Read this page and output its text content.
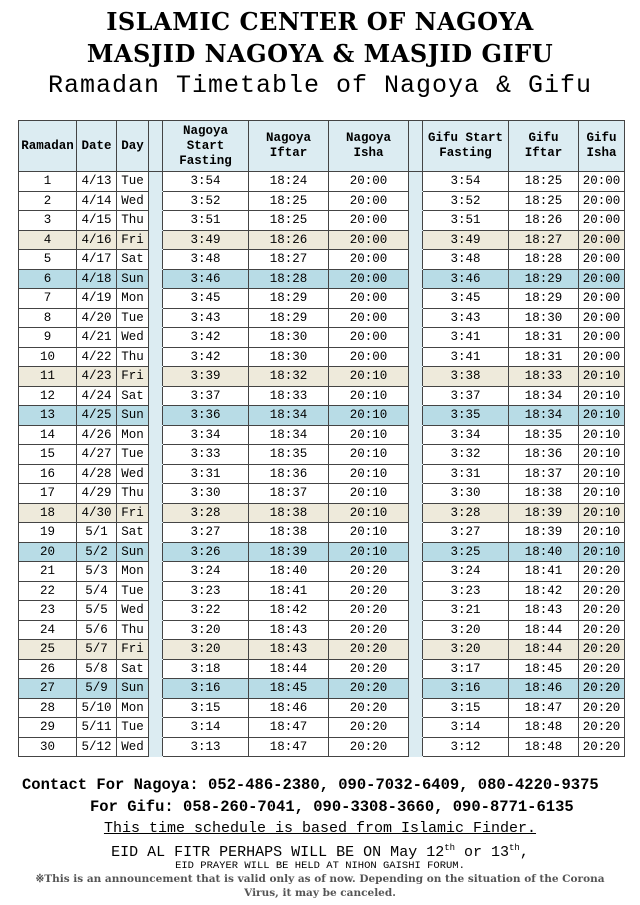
ISLAMIC CENTER OF NAGOYA
MASJID NAGOYA & MASJID GIFU
Ramadan Timetable of Nagoya & Gifu
Ramadan	Date	Day		Nagoya Start Fasting	Nagoya Iftar	Nagoya Isha		Gifu Start Fasting	Gifu Iftar	Gifu Isha
1	4/13	Tue		3:54	18:24	20:00		3:54	18:25	20:00
2	4/14	Wed		3:52	18:25	20:00		3:52	18:25	20:00
3	4/15	Thu		3:51	18:25	20:00		3:51	18:26	20:00
4	4/16	Fri		3:49	18:26	20:00		3:49	18:27	20:00
5	4/17	Sat		3:48	18:27	20:00		3:48	18:28	20:00
6	4/18	Sun		3:46	18:28	20:00		3:46	18:29	20:00
7	4/19	Mon		3:45	18:29	20:00		3:45	18:29	20:00
8	4/20	Tue		3:43	18:29	20:00		3:43	18:30	20:00
9	4/21	Wed		3:42	18:30	20:00		3:41	18:31	20:00
10	4/22	Thu		3:42	18:30	20:00		3:41	18:31	20:00
11	4/23	Fri		3:39	18:32	20:10		3:38	18:33	20:10
12	4/24	Sat		3:37	18:33	20:10		3:37	18:34	20:10
13	4/25	Sun		3:36	18:34	20:10		3:35	18:34	20:10
14	4/26	Mon		3:34	18:34	20:10		3:34	18:35	20:10
15	4/27	Tue		3:33	18:35	20:10		3:32	18:36	20:10
16	4/28	Wed		3:31	18:36	20:10		3:31	18:37	20:10
17	4/29	Thu		3:30	18:37	20:10		3:30	18:38	20:10
18	4/30	Fri		3:28	18:38	20:10		3:28	18:39	20:10
19	5/1	Sat		3:27	18:38	20:10		3:27	18:39	20:10
20	5/2	Sun		3:26	18:39	20:10		3:25	18:40	20:10
21	5/3	Mon		3:24	18:40	20:20		3:24	18:41	20:20
22	5/4	Tue		3:23	18:41	20:20		3:23	18:42	20:20
23	5/5	Wed		3:22	18:42	20:20		3:21	18:43	20:20
24	5/6	Thu		3:20	18:43	20:20		3:20	18:44	20:20
25	5/7	Fri		3:20	18:43	20:20		3:20	18:44	20:20
26	5/8	Sat		3:18	18:44	20:20		3:17	18:45	20:20
27	5/9	Sun		3:16	18:45	20:20		3:16	18:46	20:20
28	5/10	Mon		3:15	18:46	20:20		3:15	18:47	20:20
29	5/11	Tue		3:14	18:47	20:20		3:14	18:48	20:20
30	5/12	Wed		3:13	18:47	20:20		3:12	18:48	20:20
Contact For Nagoya: 052-486-2380, 090-7032-6409, 080-4220-9375
For Gifu: 058-260-7041, 090-3308-3660, 090-8771-6135
This time schedule is based from Islamic Finder.
EID AL FITR PERHAPS WILL BE ON May 12th or 13th,
EID PRAYER WILL BE HELD AT NIHON GAISHI FORUM.
※This is an announcement that is valid only as of now. Depending on the situation of the Corona Virus, it may be canceled.
